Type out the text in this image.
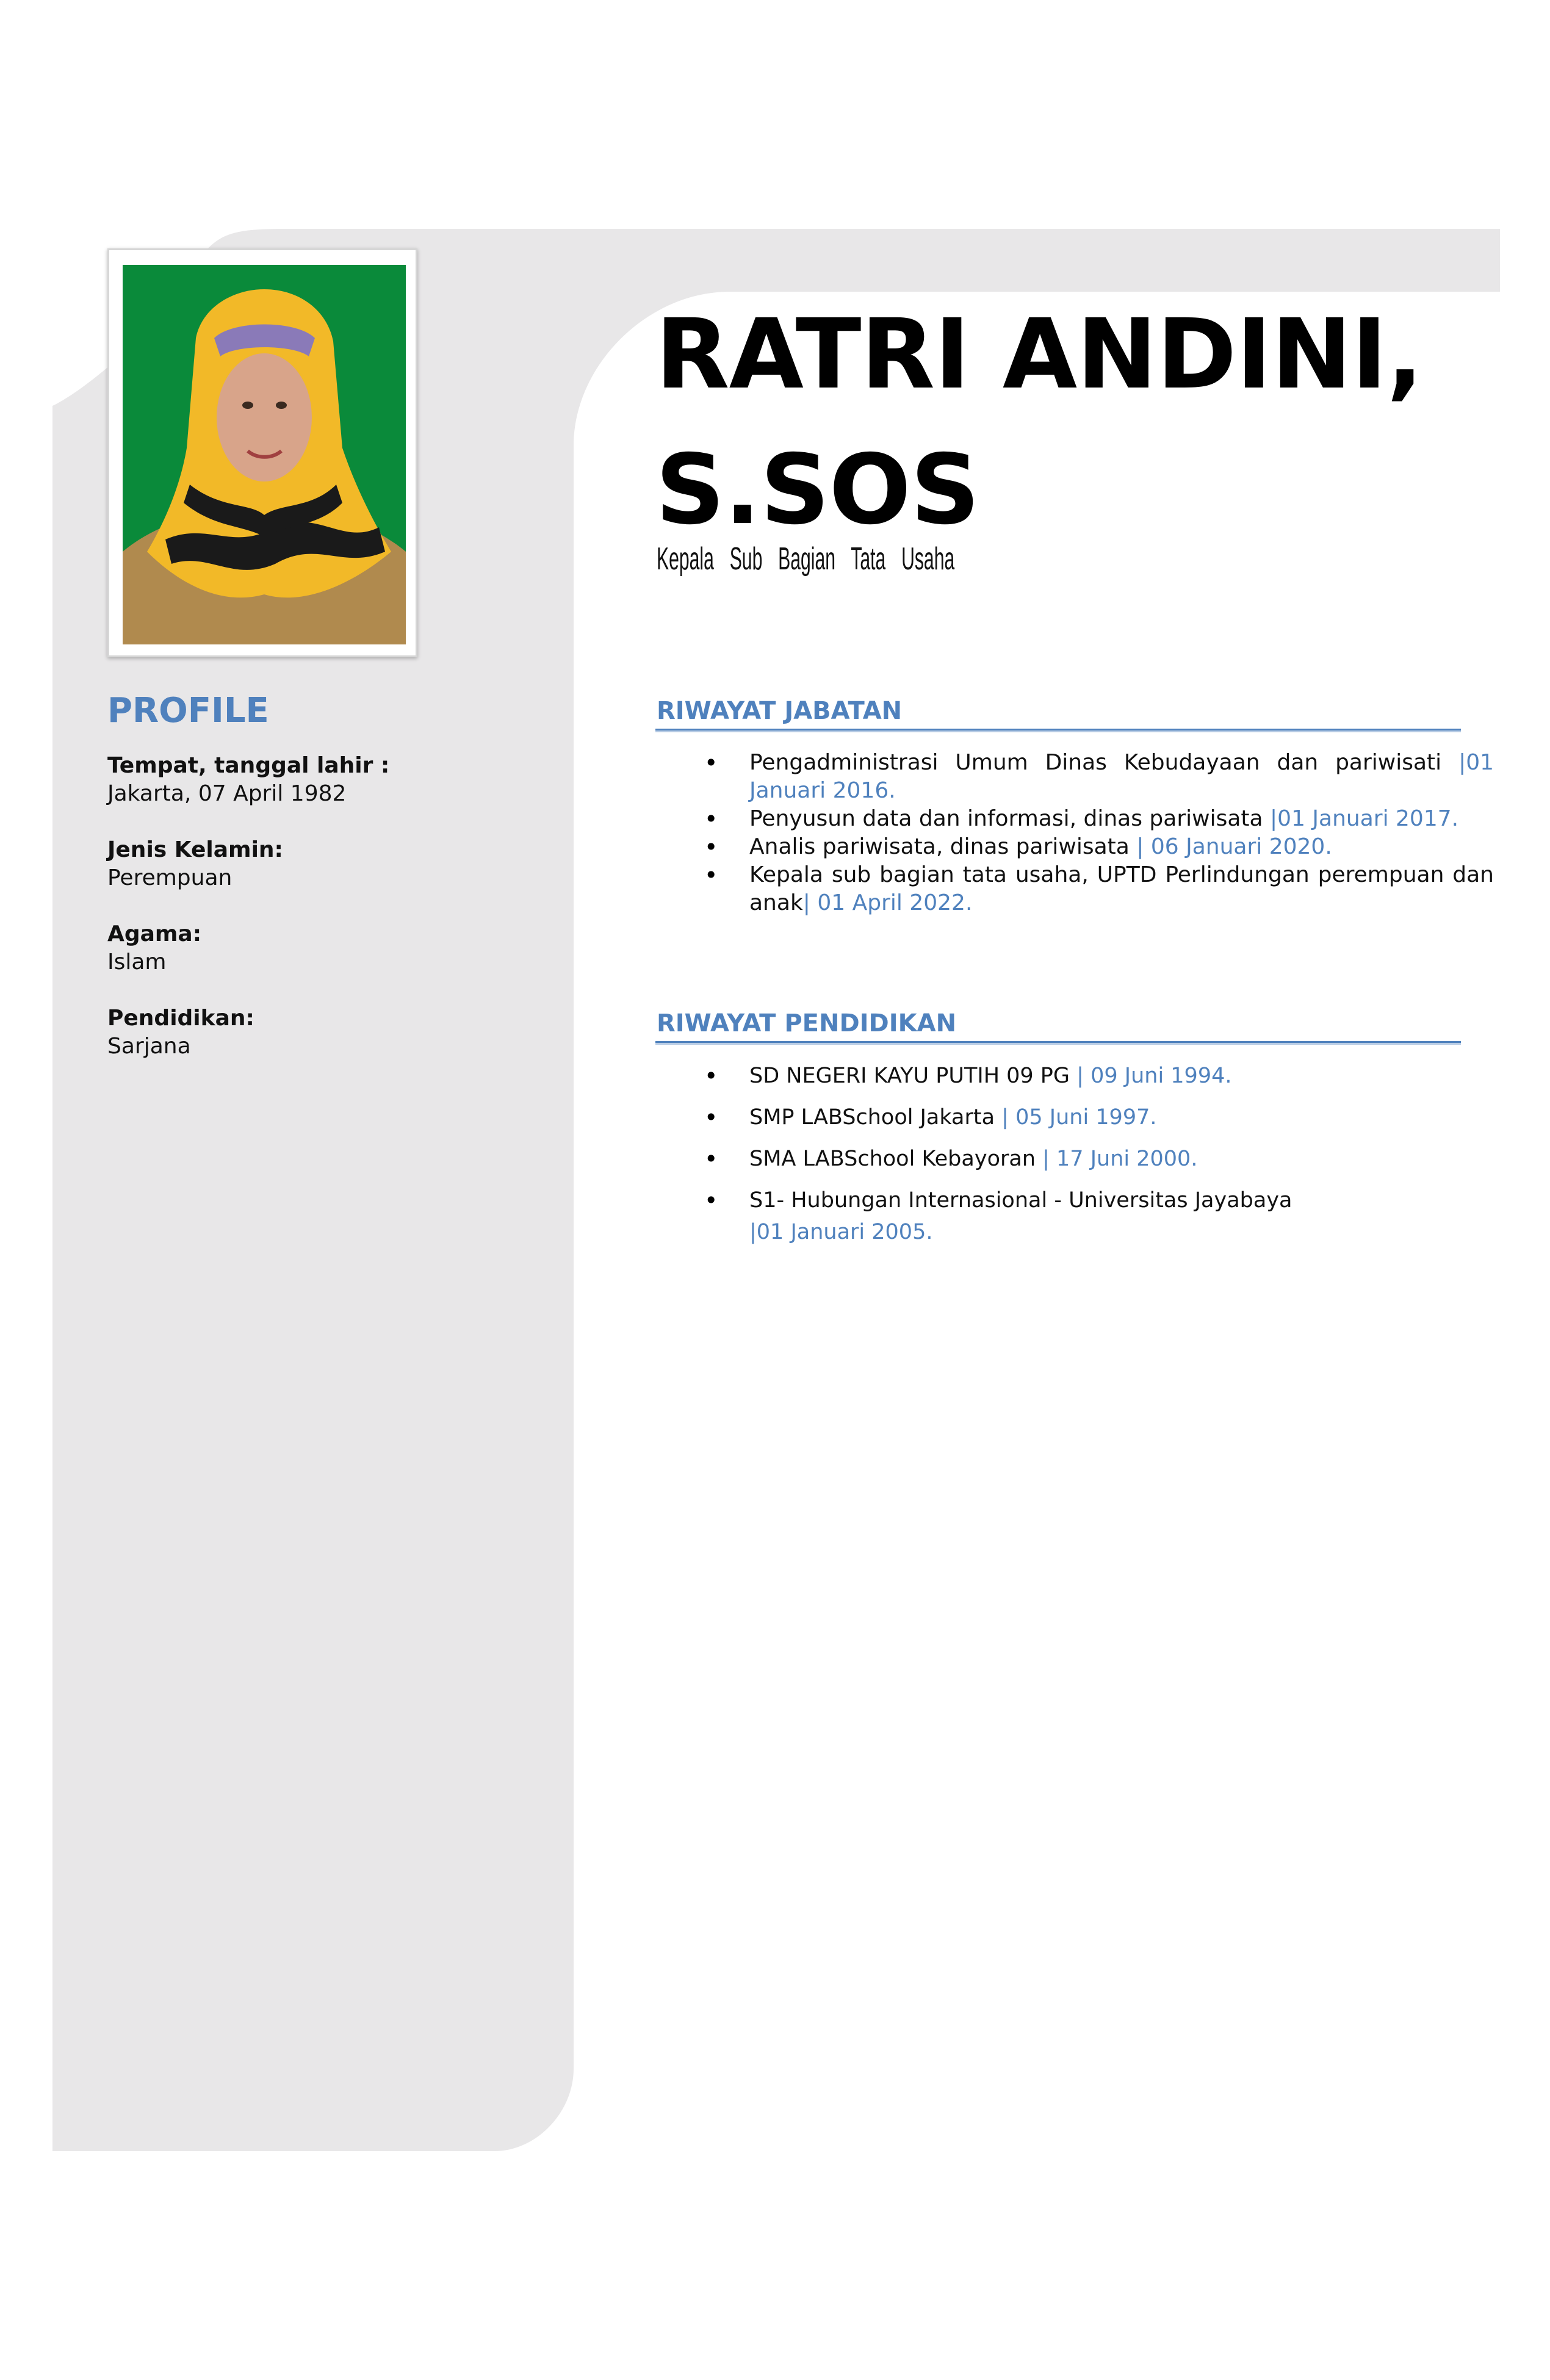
RATRI ANDINI,
S.SOS

Kepala Sub Bagian Tata Usaha

PROFILE
Tempat, tanggal lahir :
Jakarta, 07 April 1982
Jenis Kelamin:
Perempuan
Agama:
Islam
Pendidikan:
Sarjana
RIWAYAT JABATAN
• Pengadministrasi Umum Dinas Kebudayaan dan pariwisati |01 Januari 2016.
• Penyusun data dan informasi, dinas pariwisata |01 Januari 2017.
• Analis pariwisata, dinas pariwisata | 06 Januari 2020.
• Kepala sub bagian tata usaha, UPTD Perlindungan perempuan dan anak| 01 April 2022.
RIWAYAT PENDIDIKAN
• SD NEGERI KAYU PUTIH 09 PG | 09 Juni 1994.
• SMP LABSchool Jakarta | 05 Juni 1997.
• SMA LABSchool Kebayoran | 17 Juni 2000.
• S1- Hubungan Internasional - Universitas Jayabaya
|01 Januari 2005.
